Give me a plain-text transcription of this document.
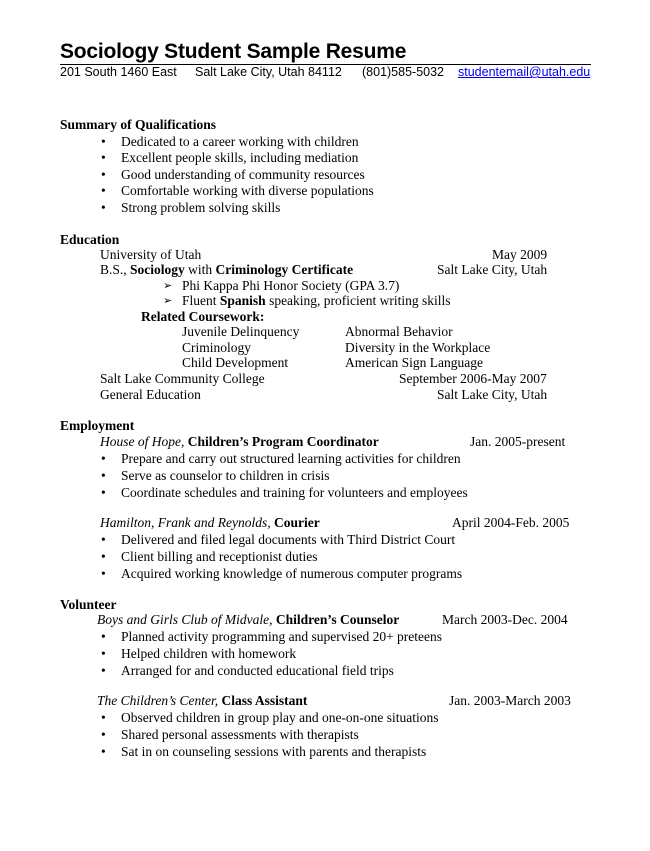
Sociology Student Sample Resume
201 South 1460 East Salt Lake City, Utah 84112 (801)585-5032 studentemail@utah.edu
Summary of Qualifications
• Dedicated to a career working with children
• Excellent people skills, including mediation
• Good understanding of community resources
• Comfortable working with diverse populations
• Strong problem solving skills
Education
University of Utah	May 2009
B.S., Sociology with Criminology Certificate	Salt Lake City, Utah
➢ Phi Kappa Phi Honor Society (GPA 3.7)
➢ Fluent Spanish speaking, proficient writing skills
Related Coursework:
Juvenile Delinquency	Abnormal Behavior
Criminology	Diversity in the Workplace
Child Development	American Sign Language
Salt Lake Community College	September 2006-May 2007
General Education	Salt Lake City, Utah
Employment
House of Hope, Children’s Program Coordinator	Jan. 2005-present
• Prepare and carry out structured learning activities for children
• Serve as counselor to children in crisis
• Coordinate schedules and training for volunteers and employees
Hamilton, Frank and Reynolds, Courier	April 2004-Feb. 2005
• Delivered and filed legal documents with Third District Court
• Client billing and receptionist duties
• Acquired working knowledge of numerous computer programs
Volunteer
Boys and Girls Club of Midvale, Children’s Counselor	March 2003-Dec. 2004
• Planned activity programming and supervised 20+ preteens
• Helped children with homework
• Arranged for and conducted educational field trips
The Children’s Center, Class Assistant	Jan. 2003-March 2003
• Observed children in group play and one-on-one situations
• Shared personal assessments with therapists
• Sat in on counseling sessions with parents and therapists
